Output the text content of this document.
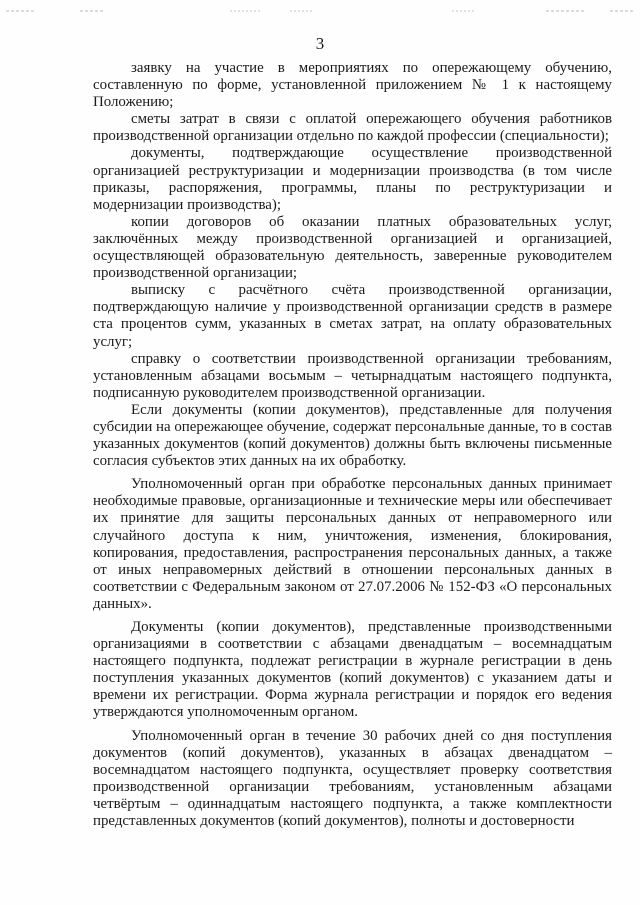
3

заявку на участие в мероприятиях по опережающему обучению, составленную по форме, установленной приложением № 1 к настоящему Положению;

сметы затрат в связи с оплатой опережающего обучения работников производственной организации отдельно по каждой профессии (специальности);

документы, подтверждающие осуществление производственной организацией реструктуризации и модернизации производства (в том числе приказы, распоряжения, программы, планы по реструктуризации и модернизации производства);

копии договоров об оказании платных образовательных услуг, заключённых между производственной организацией и организацией, осуществляющей образовательную деятельность, заверенные руководителем производственной организации;

выписку с расчётного счёта производственной организации, подтверждающую наличие у производственной организации средств в размере ста процентов сумм, указанных в сметах затрат, на оплату образовательных услуг;

справку о соответствии производственной организации требованиям, установленным абзацами восьмым – четырнадцатым настоящего подпункта, подписанную руководителем производственной организации.

Если документы (копии документов), представленные для получения субсидии на опережающее обучение, содержат персональные данные, то в состав указанных документов (копий документов) должны быть включены письменные согласия субъектов этих данных на их обработку.

Уполномоченный орган при обработке персональных данных принимает необходимые правовые, организационные и технические меры или обеспечивает их принятие для защиты персональных данных от неправомерного или случайного доступа к ним, уничтожения, изменения, блокирования, копирования, предоставления, распространения персональных данных, а также от иных неправомерных действий в отношении персональных данных в соответствии с Федеральным законом от 27.07.2006 № 152-ФЗ «О персональных данных».

Документы (копии документов), представленные производственными организациями в соответствии с абзацами двенадцатым – восемнадцатым настоящего подпункта, подлежат регистрации в журнале регистрации в день поступления указанных документов (копий документов) с указанием даты и времени их регистрации. Форма журнала регистрации и порядок его ведения утверждаются уполномоченным органом.

Уполномоченный орган в течение 30 рабочих дней со дня поступления документов (копий документов), указанных в абзацах двенадцатом – восемнадцатом настоящего подпункта, осуществляет проверку соответствия производственной организации требованиям, установленным абзацами четвёртым – одиннадцатым настоящего подпункта, а также комплектности представленных документов (копий документов), полноты и достоверности
